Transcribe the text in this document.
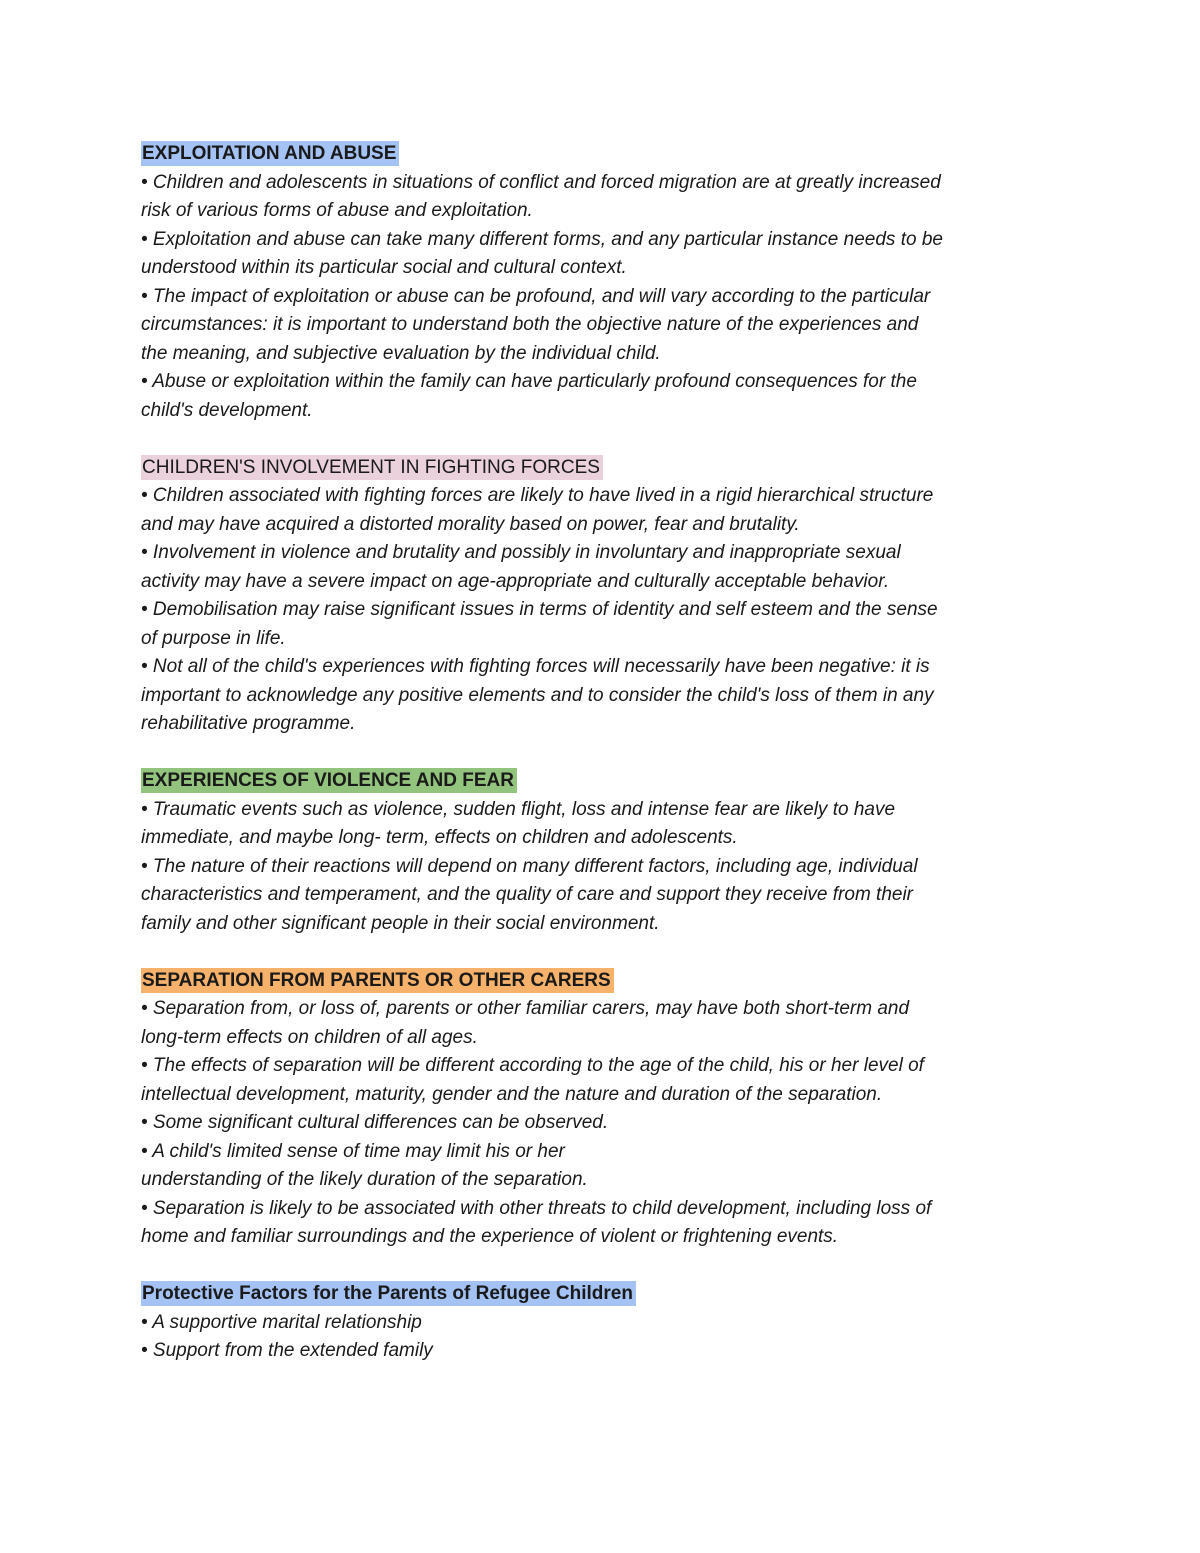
EXPLOITATION AND ABUSE
• Children and adolescents in situations of conflict and forced migration are at greatly increased
risk of various forms of abuse and exploitation.
• Exploitation and abuse can take many different forms, and any particular instance needs to be
understood within its particular social and cultural context.
• The impact of exploitation or abuse can be profound, and will vary according to the particular
circumstances: it is important to understand both the objective nature of the experiences and
the meaning, and subjective evaluation by the individual child.
• Abuse or exploitation within the family can have particularly profound consequences for the
child's development.
CHILDREN'S INVOLVEMENT IN FIGHTING FORCES
• Children associated with fighting forces are likely to have lived in a rigid hierarchical structure
and may have acquired a distorted morality based on power, fear and brutality.
• Involvement in violence and brutality and possibly in involuntary and inappropriate sexual
activity may have a severe impact on age-appropriate and culturally acceptable behavior.
• Demobilisation may raise significant issues in terms of identity and self esteem and the sense
of purpose in life.
• Not all of the child's experiences with fighting forces will necessarily have been negative: it is
important to acknowledge any positive elements and to consider the child's loss of them in any
rehabilitative programme.
EXPERIENCES OF VIOLENCE AND FEAR
• Traumatic events such as violence, sudden flight, loss and intense fear are likely to have
immediate, and maybe long- term, effects on children and adolescents.
• The nature of their reactions will depend on many different factors, including age, individual
characteristics and temperament, and the quality of care and support they receive from their
family and other significant people in their social environment.
SEPARATION FROM PARENTS OR OTHER CARERS
• Separation from, or loss of, parents or other familiar carers, may have both short-term and
long-term effects on children of all ages.
• The effects of separation will be different according to the age of the child, his or her level of
intellectual development, maturity, gender and the nature and duration of the separation.
• Some significant cultural differences can be observed.
• A child's limited sense of time may limit his or her
understanding of the likely duration of the separation.
• Separation is likely to be associated with other threats to child development, including loss of
home and familiar surroundings and the experience of violent or frightening events.
Protective Factors for the Parents of Refugee Children
• A supportive marital relationship
• Support from the extended family
